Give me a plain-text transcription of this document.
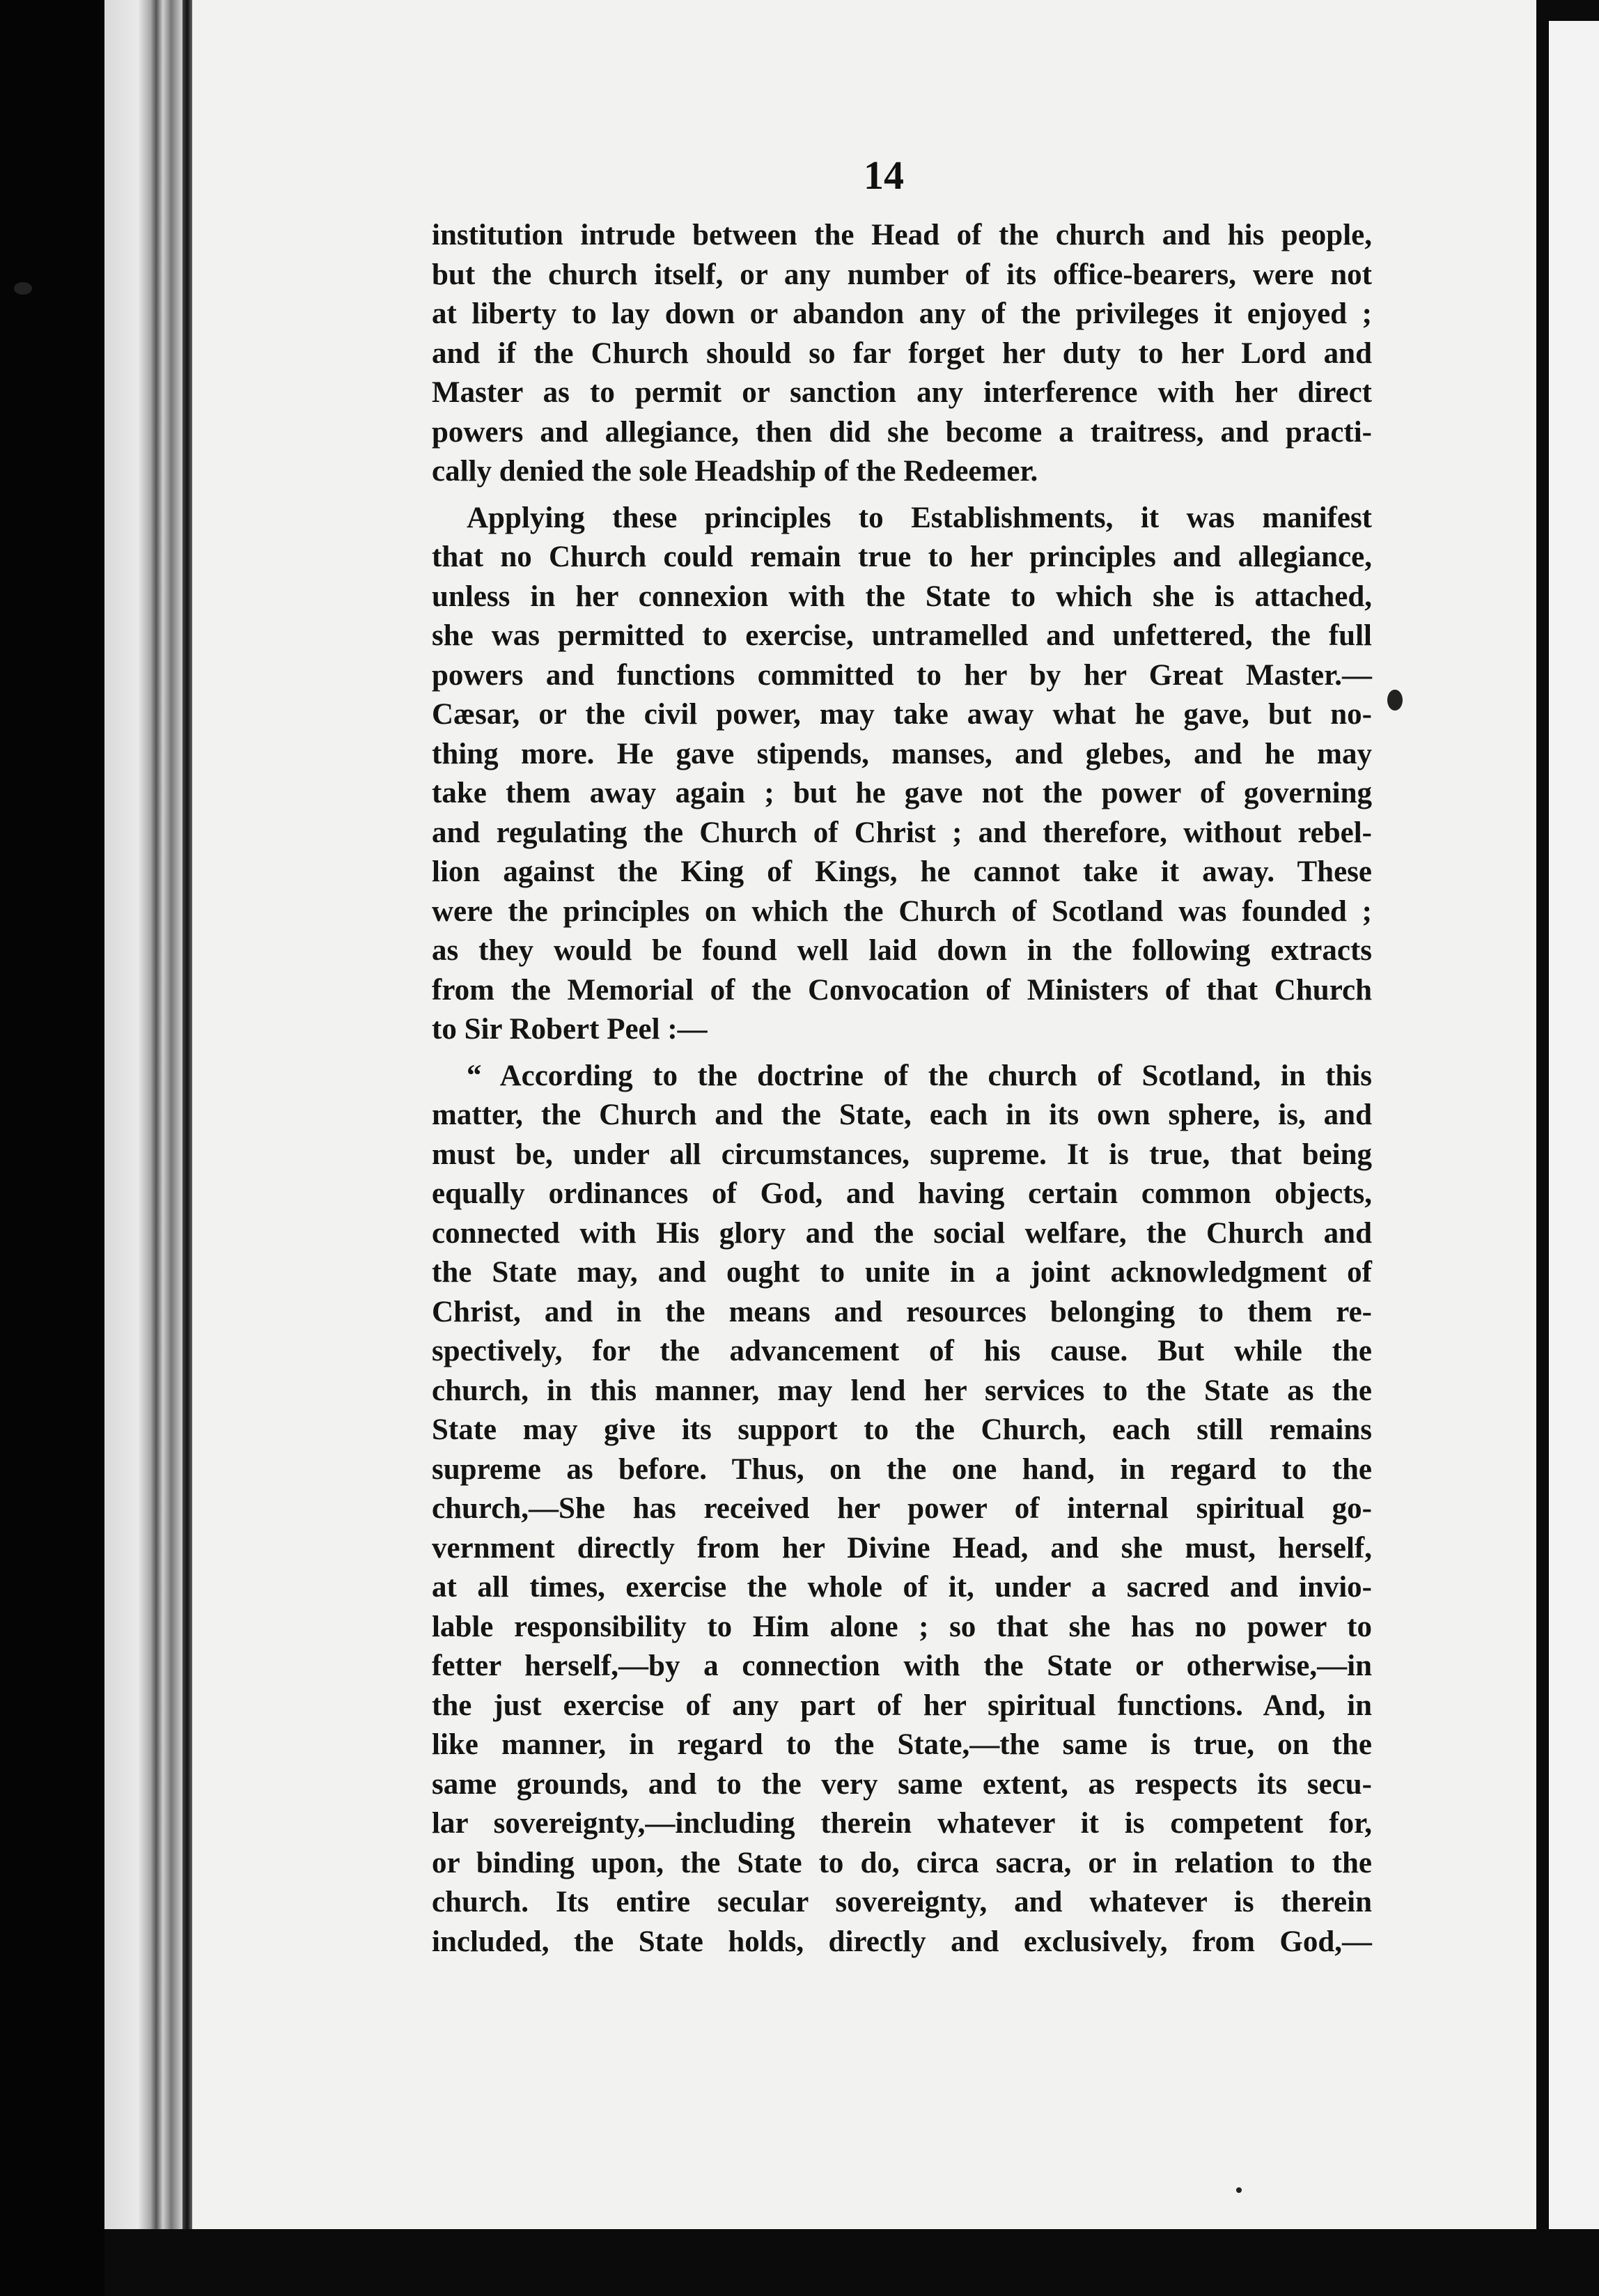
14
institution intrude between the Head of the church and his people,
but the church itself, or any number of its office-bearers, were not
at liberty to lay down or abandon any of the privileges it enjoyed ;
and if the Church should so far forget her duty to her Lord and
Master as to permit or sanction any interference with her direct
powers and allegiance, then did she become a traitress, and practi-
cally denied the sole Headship of the Redeemer.
Applying these principles to Establishments, it was manifest
that no Church could remain true to her principles and allegiance,
unless in her connexion with the State to which she is attached,
she was permitted to exercise, untramelled and unfettered, the full
powers and functions committed to her by her Great Master.—
Cæsar, or the civil power, may take away what he gave, but no-
thing more. He gave stipends, manses, and glebes, and he may
take them away again ; but he gave not the power of governing
and regulating the Church of Christ ; and therefore, without rebel-
lion against the King of Kings, he cannot take it away. These
were the principles on which the Church of Scotland was founded ;
as they would be found well laid down in the following extracts
from the Memorial of the Convocation of Ministers of that Church
to Sir Robert Peel :—
“ According to the doctrine of the church of Scotland, in this
matter, the Church and the State, each in its own sphere, is, and
must be, under all circumstances, supreme. It is true, that being
equally ordinances of God, and having certain common objects,
connected with His glory and the social welfare, the Church and
the State may, and ought to unite in a joint acknowledgment of
Christ, and in the means and resources belonging to them re-
spectively, for the advancement of his cause. But while the
church, in this manner, may lend her services to the State as the
State may give its support to the Church, each still remains
supreme as before. Thus, on the one hand, in regard to the
church,—She has received her power of internal spiritual go-
vernment directly from her Divine Head, and she must, herself,
at all times, exercise the whole of it, under a sacred and invio-
lable responsibility to Him alone ; so that she has no power to
fetter herself,—by a connection with the State or otherwise,—in
the just exercise of any part of her spiritual functions. And, in
like manner, in regard to the State,—the same is true, on the
same grounds, and to the very same extent, as respects its secu-
lar sovereignty,—including therein whatever it is competent for,
or binding upon, the State to do, circa sacra, or in relation to the
church. Its entire secular sovereignty, and whatever is therein
included, the State holds, directly and exclusively, from God,—
